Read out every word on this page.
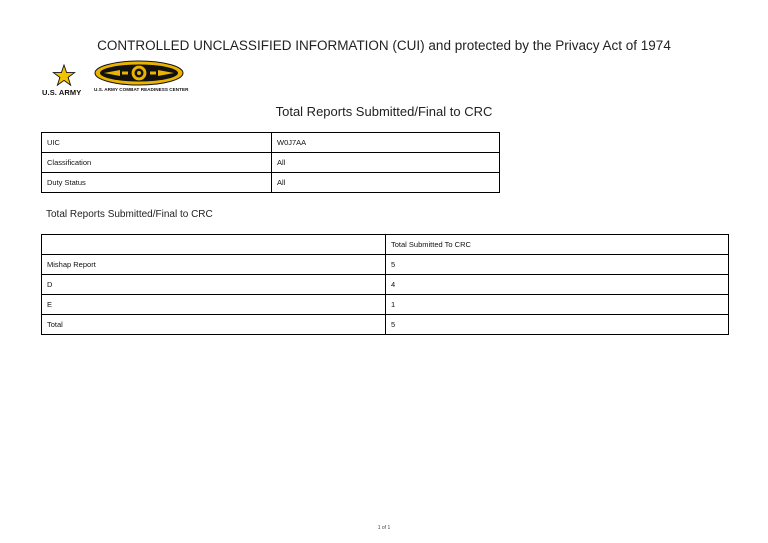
CONTROLLED UNCLASSIFIED INFORMATION (CUI) and protected by the Privacy Act of 1974
U.S. ARMY	U.S. ARMY COMBAT READINESS CENTER
Total Reports Submitted/Final to CRC
UIC	W0J7AA
Classification	All
Duty Status	All
Total Reports Submitted/Final to CRC
	Total Submitted To CRC
Mishap Report	5
D	4
E	1
Total	5
1 of 1
